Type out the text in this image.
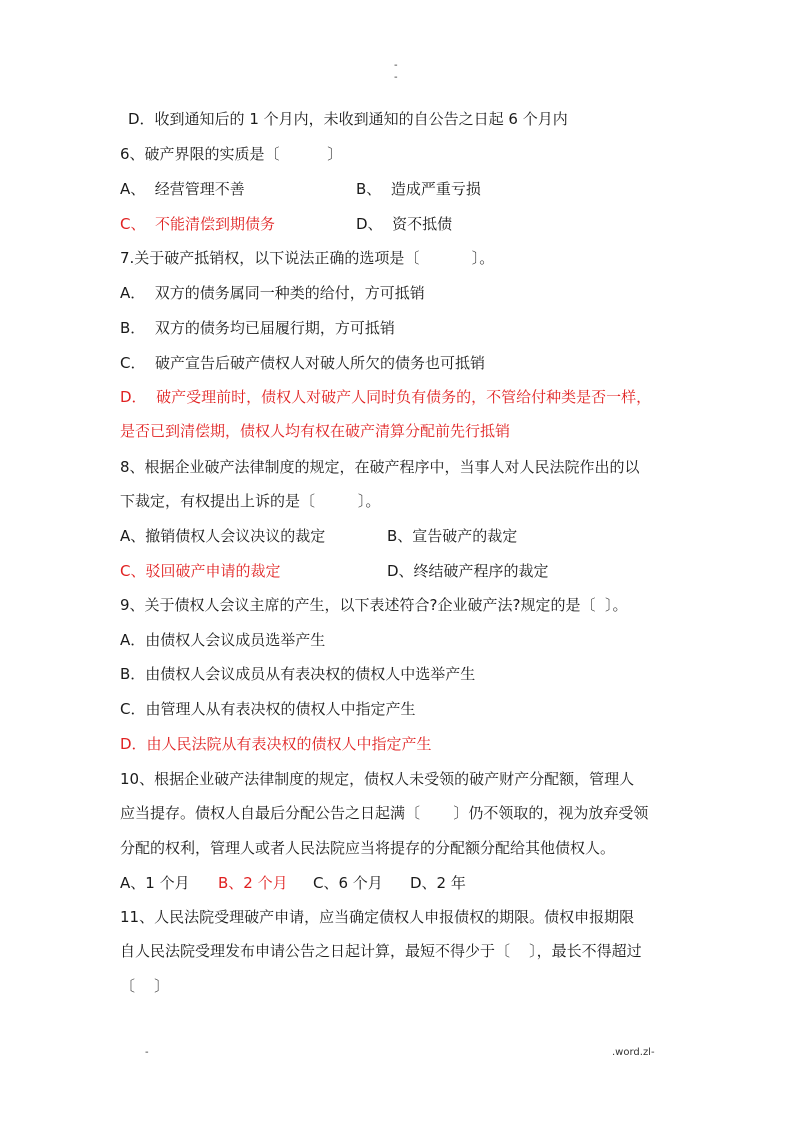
-
-
D．收到通知后的 1 个月内，未收到通知的自公告之日起 6 个月内
6、破产界限的实质是〔          〕
A、  经营管理不善	B、  造成严重亏损
C、  不能清偿到期债务	D、  资不抵债
7.关于破产抵销权，以下说法正确的选项是〔           〕。
A．  双方的债务属同一种类的给付，方可抵销
B．  双方的债务均已届履行期，方可抵销
C．  破产宣告后破产债权人对破人所欠的债务也可抵销
D．  破产受理前时，债权人对破产人同时负有债务的，不管给付种类是否一样，
是否已到清偿期，债权人均有权在破产清算分配前先行抵销
8、根据企业破产法律制度的规定，在破产程序中，当事人对人民法院作出的以
下裁定，有权提出上诉的是〔         〕。
A、撤销债权人会议决议的裁定	B、宣告破产的裁定
C、驳回破产申请的裁定	D、终结破产程序的裁定
9、关于债权人会议主席的产生，以下表述符合?企业破产法?规定的是〔  〕。
A．由债权人会议成员选举产生
B．由债权人会议成员从有表决权的债权人中选举产生
C．由管理人从有表决权的债权人中指定产生
D．由人民法院从有表决权的债权人中指定产生
10、根据企业破产法律制度的规定，债权人未受领的破产财产分配额，管理人
应当提存。债权人自最后分配公告之日起满〔       〕仍不领取的，视为放弃受领
分配的权利，管理人或者人民法院应当将提存的分配额分配给其他债权人。
A、1 个月 B、2 个月 C、6 个月 D、2 年
11、人民法院受理破产申请，应当确定债权人申报债权的期限。债权申报期限
自人民法院受理发布申请公告之日起计算，最短不得少于〔    〕，最长不得超过
〔    〕
-	.word.zl-
